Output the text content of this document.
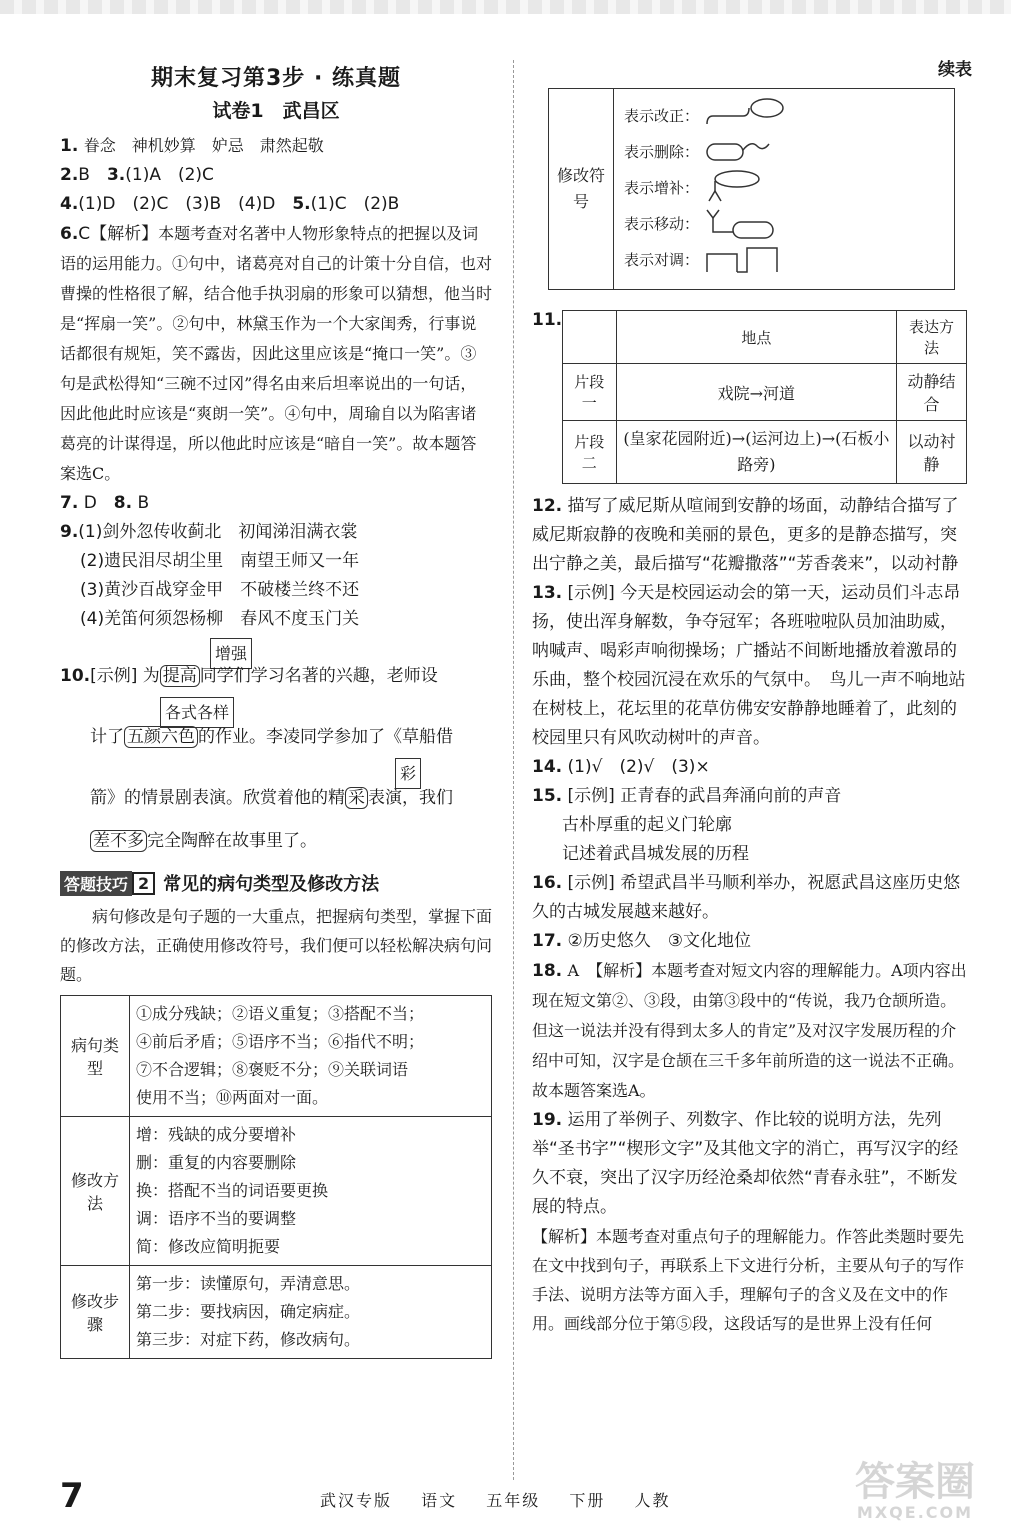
期末复习第3步 · 练真题
试卷1　武昌区
1. 眷念　神机妙算　妒忌　肃然起敬
2.B　3.(1)A　(2)C
4.(1)D　(2)C　(3)B　(4)D　5.(1)C　(2)B
6.C【解析】本题考查对名著中人物形象特点的把握以及词语的运用能力。①句中，诸葛亮对自己的计策十分自信，也对曹操的性格很了解，结合他手执羽扇的形象可以猜想，他当时是“挥扇一笑”。②句中，林黛玉作为一个大家闺秀，行事说话都很有规矩，笑不露齿，因此这里应该是“掩口一笑”。③句是武松得知“三碗不过冈”得名由来后坦率说出的一句话，因此他此时应该是“爽朗一笑”。④句中，周瑜自以为陷害诸葛亮的计谋得逞，所以他此时应该是“暗自一笑”。故本题答案选C。
7. D　8. B
9.(1)剑外忽传收蓟北　初闻涕泪满衣裳
(2)遗民泪尽胡尘里　南望王师又一年
(3)黄沙百战穿金甲　不破楼兰终不还
(4)羌笛何须怨杨柳　春风不度玉门关
增强
10.[示例] 为 提高 同学们学习名著的兴趣，老师设
各式各样
计了 五颜六色 的作业。李凌同学参加了《草船借
彩
箭》的情景剧表演。欣赏着他的精 采 表演，我们
差不多 完全陶醉在故事里了。
答题技巧 2 常见的病句类型及修改方法
病句修改是句子题的一大重点，把握病句类型，掌握下面的修改方法，正确使用修改符号，我们便可以轻松解决病句问题。
病句类型	①成分残缺；②语义重复；③搭配不当；
④前后矛盾；⑤语序不当；⑥指代不明；
⑦不合逻辑；⑧褒贬不分；⑨关联词语
使用不当；⑩两面对一面。

修改方法	增：残缺的成分要增补
删：重复的内容要删除
换：搭配不当的词语要更换
调：语序不当的要调整
简：修改应简明扼要

修改步骤	第一步：读懂原句，弄清意思。
第二步：要找病因，确定病症。
第三步：对症下药，修改病句。
续表
修改符号
表示改正：
表示删除：
表示增补：
表示移动：
表示对调：
11.
	地点	表达方法
片段一	戏院→河道	动静结合
片段二	(皇家花园附近)→(运河边上)→(石板小路旁)	以动衬静
12. 描写了威尼斯从喧闹到安静的场面，动静结合描写了威尼斯寂静的夜晚和美丽的景色，更多的是静态描写，突出宁静之美，最后描写“花瓣撒落”“芳香袭来”，以动衬静
13. [示例] 今天是校园运动会的第一天，运动员们斗志昂扬，使出浑身解数，争夺冠军；各班啦啦队员加油助威，呐喊声、喝彩声响彻操场；广播站不间断地播放着激昂的乐曲，整个校园沉浸在欢乐的气氛中。　鸟儿一声不响地站在树枝上，花坛里的花草仿佛安安静静地睡着了，此刻的校园里只有风吹动树叶的声音。
14. (1)√　(2)√　(3)×
15. [示例] 正青春的武昌奔涌向前的声音
古朴厚重的起义门轮廓
记述着武昌城发展的历程
16. [示例] 希望武昌半马顺利举办，祝愿武昌这座历史悠久的古城发展越来越好。
17. ②历史悠久　③文化地位
18. A　【解析】本题考查对短文内容的理解能力。A项内容出现在短文第②、③段，由第③段中的“传说，我乃仓颉所造。但这一说法并没有得到太多人的肯定”及对汉字发展历程的介绍中可知，汉字是仓颉在三千多年前所造的这一说法不正确。故本题答案选A。
19. 运用了举例子、列数字、作比较的说明方法，先列举“圣书字”“楔形文字”及其他文字的消亡，再写汉字的经久不衰，突出了汉字历经沧桑却依然“青春永驻”，不断发展的特点。
【解析】本题考查对重点句子的理解能力。作答此类题时要先在文中找到句子，再联系上下文进行分析，主要从句子的写作手法、说明方法等方面入手，理解句子的含义及在文中的作用。画线部分位于第⑤段，这段话写的是世界上没有任何
7	武汉专版 语文 五年级 下册 人教	答案圈
MXQE.COM
